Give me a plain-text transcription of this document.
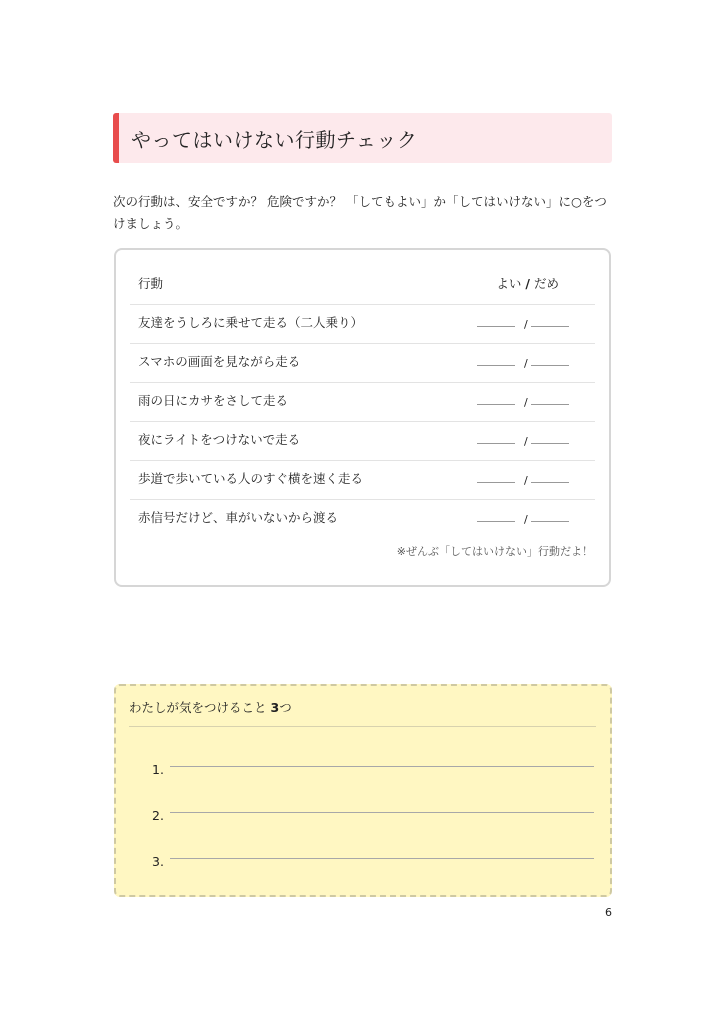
やってはいけない行動チェック
次の行動は、安全ですか？ 危険ですか？ 「してもよい」か「してはいけない」に○をつけましょう。
行動	よい / だめ
友達をうしろに乗せて走る（二人乗り）	/
スマホの画面を見ながら走る	/
雨の日にカサをさして走る	/
夜にライトをつけないで走る	/
歩道で歩いている人のすぐ横を速く走る	/
赤信号だけど、車がいないから渡る	/
※ぜんぶ「してはいけない」行動だよ！
わたしが気をつけること 3つ
1.
2.
3.
6
